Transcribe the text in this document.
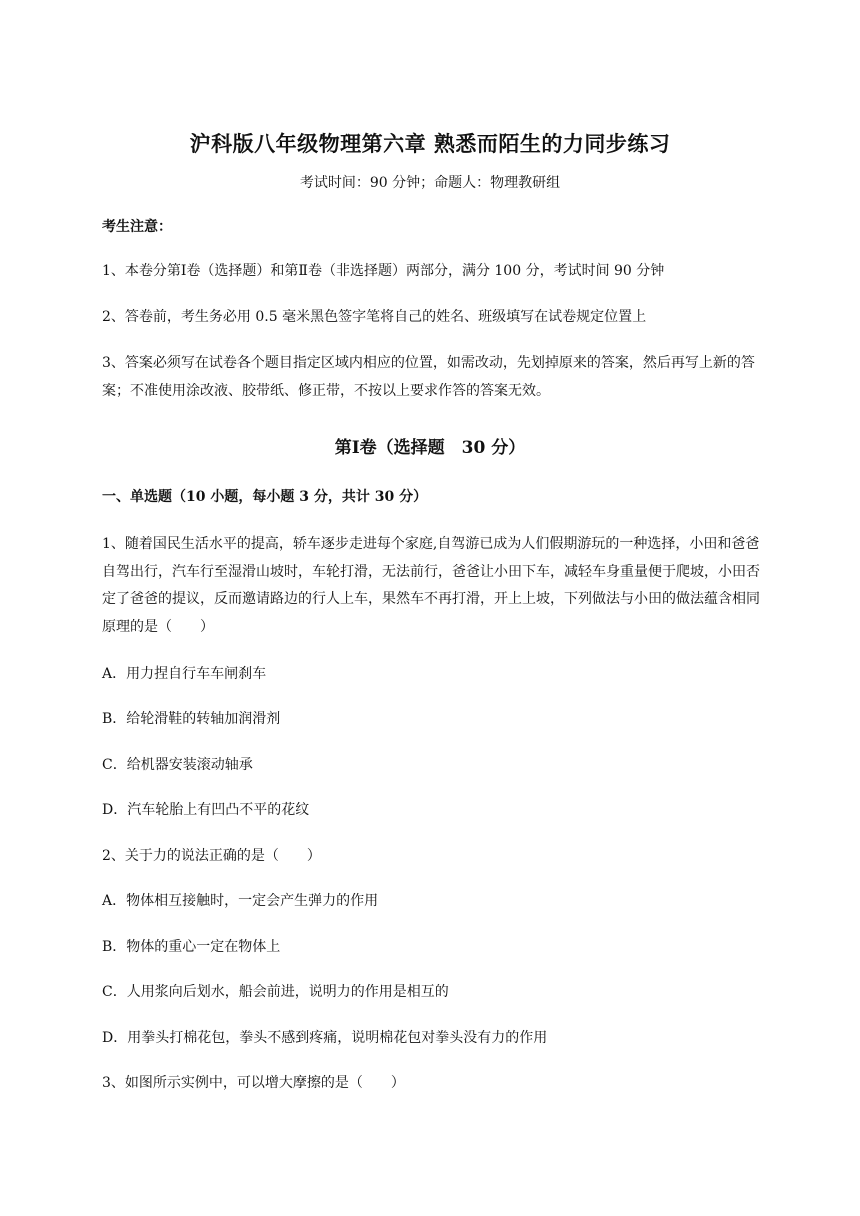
沪科版八年级物理第六章 熟悉而陌生的力同步练习
考试时间：90 分钟；命题人：物理教研组
考生注意：
1、本卷分第Ⅰ卷（选择题）和第Ⅱ卷（非选择题）两部分，满分 100 分，考试时间 90 分钟
2、答卷前，考生务必用 0.5 毫米黑色签字笔将自己的姓名、班级填写在试卷规定位置上
3、答案必须写在试卷各个题目指定区域内相应的位置，如需改动，先划掉原来的答案，然后再写上新的答案；不准使用涂改液、胶带纸、修正带，不按以上要求作答的答案无效。
第Ⅰ卷（选择题　30 分）
一、单选题（10 小题，每小题 3 分，共计 30 分）
1、随着国民生活水平的提高，轿车逐步走进每个家庭,自驾游已成为人们假期游玩的一种选择，小田和爸爸自驾出行，汽车行至湿滑山坡时，车轮打滑，无法前行，爸爸让小田下车，减轻车身重量便于爬坡，小田否定了爸爸的提议，反而邀请路边的行人上车，果然车不再打滑，开上上坡，下列做法与小田的做法蕴含相同原理的是（　　）
A．用力捏自行车车闸刹车
B．给轮滑鞋的转轴加润滑剂
C．给机器安装滚动轴承
D．汽车轮胎上有凹凸不平的花纹
2、关于力的说法正确的是（　　）
A．物体相互接触时，一定会产生弹力的作用
B．物体的重心一定在物体上
C．人用浆向后划水，船会前进，说明力的作用是相互的
D．用拳头打棉花包，拳头不感到疼痛，说明棉花包对拳头没有力的作用
3、如图所示实例中，可以增大摩擦的是（　　）
